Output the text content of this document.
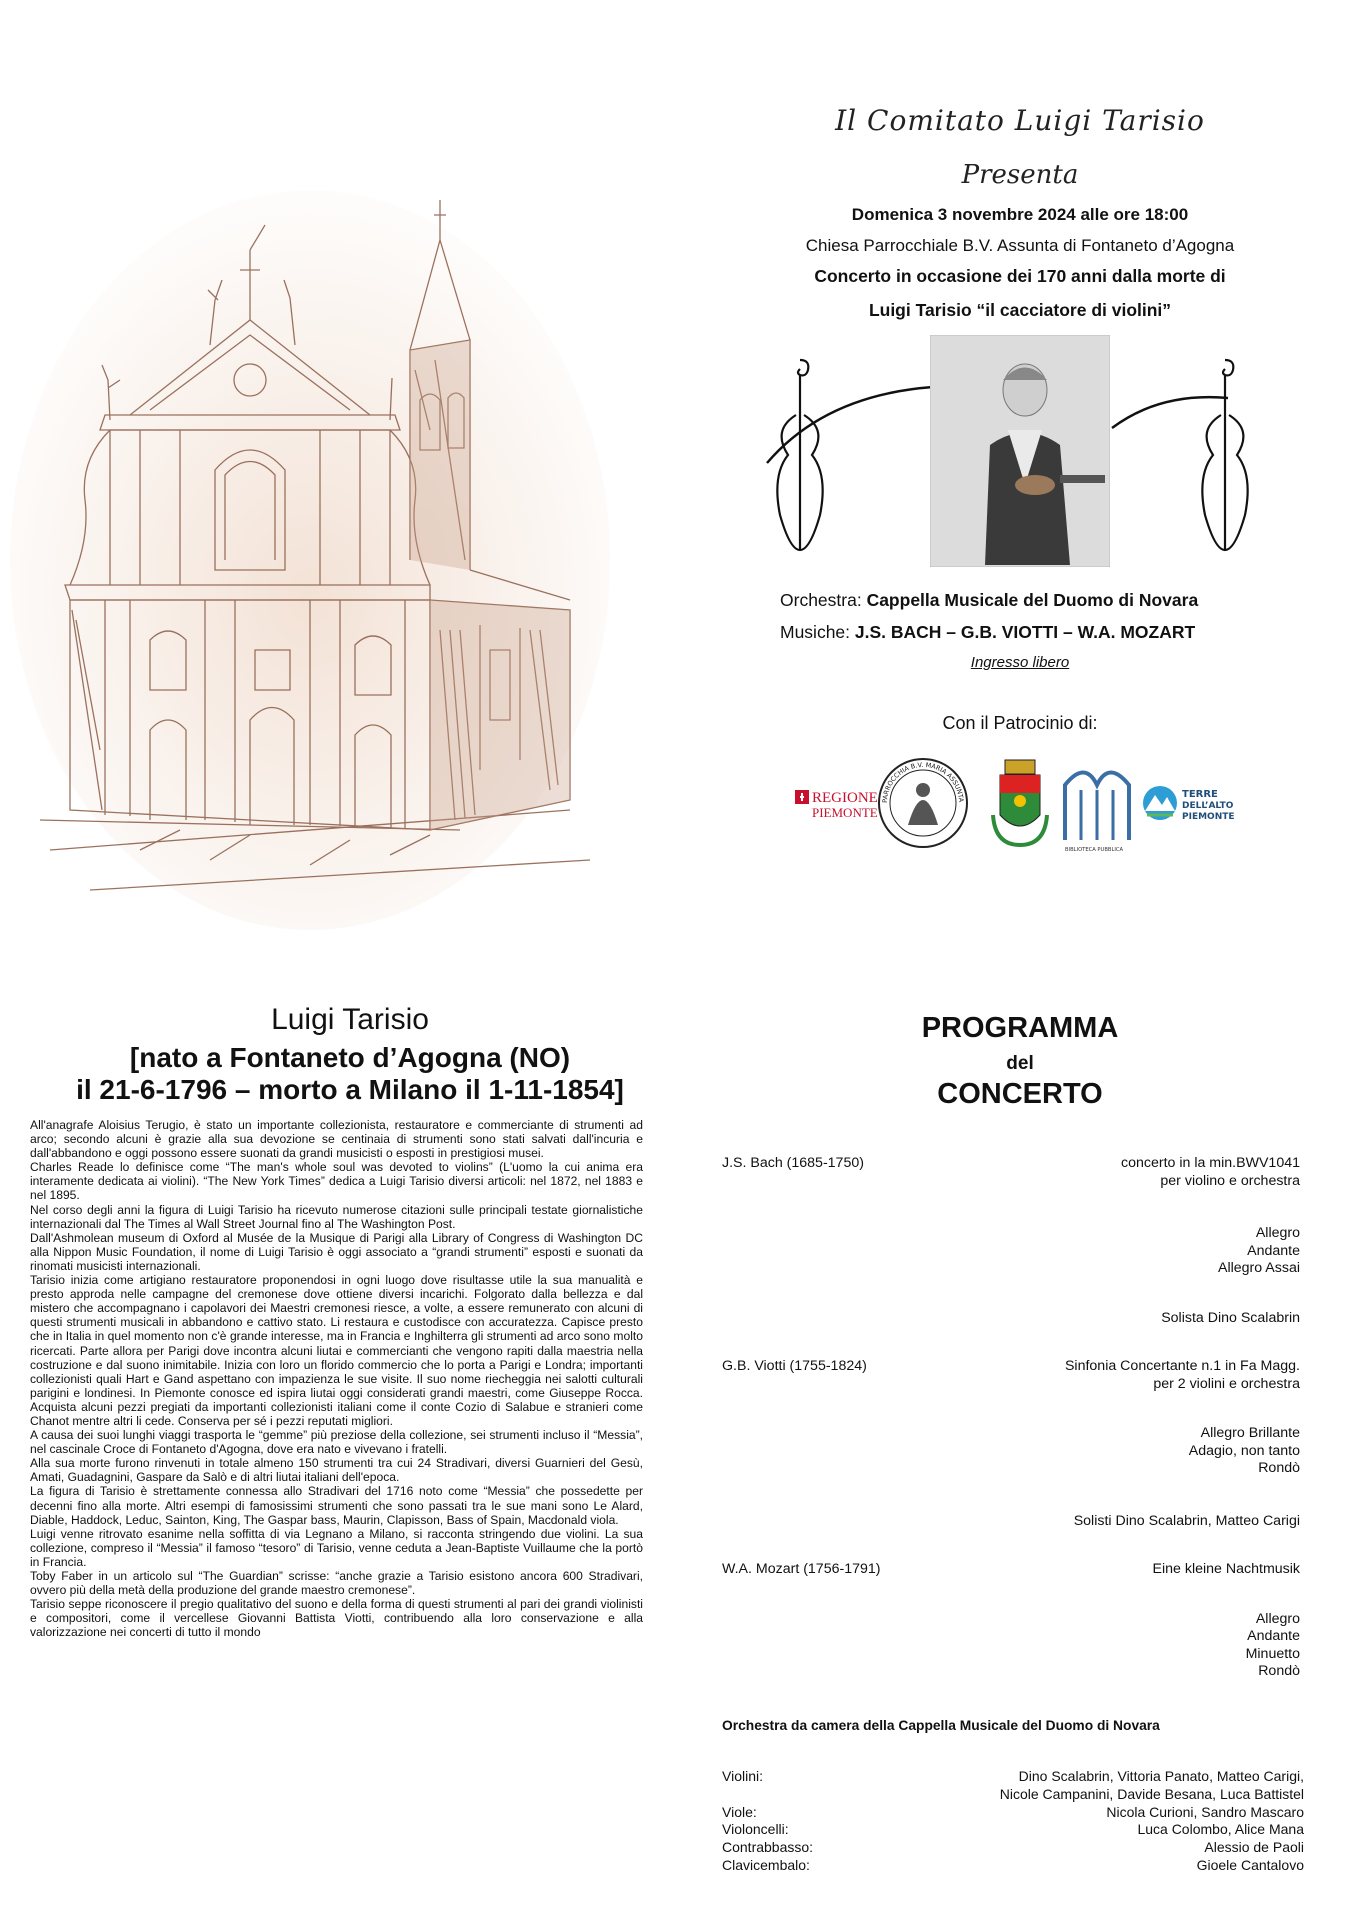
Il Comitato Luigi Tarisio
Presenta
Domenica 3 novembre 2024 alle ore 18:00
Chiesa Parrocchiale B.V. Assunta di Fontaneto d’Agogna
Concerto in occasione dei 170 anni dalla morte di
Luigi Tarisio “il cacciatore di violini”
Orchestra: Cappella Musicale del Duomo di Novara
Musiche: J.S. BACH – G.B. VIOTTI – W.A. MOZART
Ingresso libero
Con il Patrocinio di:
REGIONE
PIEMONTE
PARROCCHIA B.V. MARIA ASSUNTA
BIBLIOTECA PUBBLICA
TERRE
DELL’ALTO
PIEMONTE
Luigi Tarisio
[nato a Fontaneto d’Agogna (NO)
il 21-6-1796 – morto a Milano il 1-11-1854]

All'anagrafe Aloisius Terugio, è stato un importante collezionista, restauratore e commerciante di strumenti ad arco; secondo alcuni è grazie alla sua devozione se centinaia di strumenti sono stati salvati dall'incuria e dall'abbandono e oggi possono essere suonati da grandi musicisti o esposti in prestigiosi musei.

Charles Reade lo definisce come “The man's whole soul was devoted to violins” (L'uomo la cui anima era interamente dedicata ai violini). “The New York Times” dedica a Luigi Tarisio diversi articoli: nel 1872, nel 1883 e nel 1895.

Nel corso degli anni la figura di Luigi Tarisio ha ricevuto numerose citazioni sulle principali testate giornalistiche internazionali dal The Times al Wall Street Journal fino al The Washington Post.

Dall'Ashmolean museum di Oxford al Musée de la Musique di Parigi alla Library of Congress di Washington DC alla Nippon Music Foundation, il nome di Luigi Tarisio è oggi associato a “grandi strumenti” esposti e suonati da rinomati musicisti internazionali.

Tarisio inizia come artigiano restauratore proponendosi in ogni luogo dove risultasse utile la sua manualità e presto approda nelle campagne del cremonese dove ottiene diversi incarichi. Folgorato dalla bellezza e dal mistero che accompagnano i capolavori dei Maestri cremonesi riesce, a volte, a essere remunerato con alcuni di questi strumenti musicali in abbandono e cattivo stato. Li restaura e custodisce con accuratezza. Capisce presto che in Italia in quel momento non c'è grande interesse, ma in Francia e Inghilterra gli strumenti ad arco sono molto ricercati. Parte allora per Parigi dove incontra alcuni liutai e commercianti che vengono rapiti dalla maestria nella costruzione e dal suono inimitabile. Inizia con loro un florido commercio che lo porta a Parigi e Londra; importanti collezionisti quali Hart e Gand aspettano con impazienza le sue visite. Il suo nome riecheggia nei salotti culturali parigini e londinesi. In Piemonte conosce ed ispira liutai oggi considerati grandi maestri, come Giuseppe Rocca. Acquista alcuni pezzi pregiati da importanti collezionisti italiani come il conte Cozio di Salabue e stranieri come Chanot mentre altri li cede. Conserva per sé i pezzi reputati migliori.

A causa dei suoi lunghi viaggi trasporta le “gemme” più preziose della collezione, sei strumenti incluso il “Messia”, nel cascinale Croce di Fontaneto d'Agogna, dove era nato e vivevano i fratelli.

Alla sua morte furono rinvenuti in totale almeno 150 strumenti tra cui 24 Stradivari, diversi Guarnieri del Gesù, Amati, Guadagnini, Gaspare da Salò e di altri liutai italiani dell'epoca.

La figura di Tarisio è strettamente connessa allo Stradivari del 1716 noto come “Messia” che possedette per decenni fino alla morte. Altri esempi di famosissimi strumenti che sono passati tra le sue mani sono Le Alard, Diable, Haddock, Leduc, Sainton, King, The Gaspar bass, Maurin, Clapisson, Bass of Spain, Macdonald viola.

Luigi venne ritrovato esanime nella soffitta di via Legnano a Milano, si racconta stringendo due violini. La sua collezione, compreso il “Messia” il famoso “tesoro” di Tarisio, venne ceduta a Jean-Baptiste Vuillaume che la portò in Francia.

Toby Faber in un articolo sul “The Guardian” scrisse: “anche grazie a Tarisio esistono ancora 600 Stradivari, ovvero più della metà della produzione del grande maestro cremonese”.

Tarisio seppe riconoscere il pregio qualitativo del suono e della forma di questi strumenti al pari dei grandi violinisti e compositori, come il vercellese Giovanni Battista Viotti, contribuendo alla loro conservazione e alla valorizzazione nei concerti di tutto il mondo

PROGRAMMA
del
CONCERTO
J.S. Bach (1685-1750)	concerto in la min.BWV1041
per violino e orchestra
Allegro
Andante
Allegro Assai
Solista Dino Scalabrin
G.B. Viotti (1755-1824)	Sinfonia Concertante n.1 in Fa Magg.
per 2 violini e orchestra
Allegro Brillante
Adagio, non tanto
Rondò
Solisti Dino Scalabrin, Matteo Carigi
W.A. Mozart (1756-1791)	Eine kleine Nachtmusik
Allegro
Andante
Minuetto
Rondò
Orchestra da camera della Cappella Musicale del Duomo di Novara
Violini:	Dino Scalabrin, Vittoria Panato, Matteo Carigi,
Nicole Campanini, Davide Besana, Luca Battistel
Viole:	Nicola Curioni, Sandro Mascaro
Violoncelli:	Luca Colombo, Alice Mana
Contrabbasso:	Alessio de Paoli
Clavicembalo:	Gioele Cantalovo
